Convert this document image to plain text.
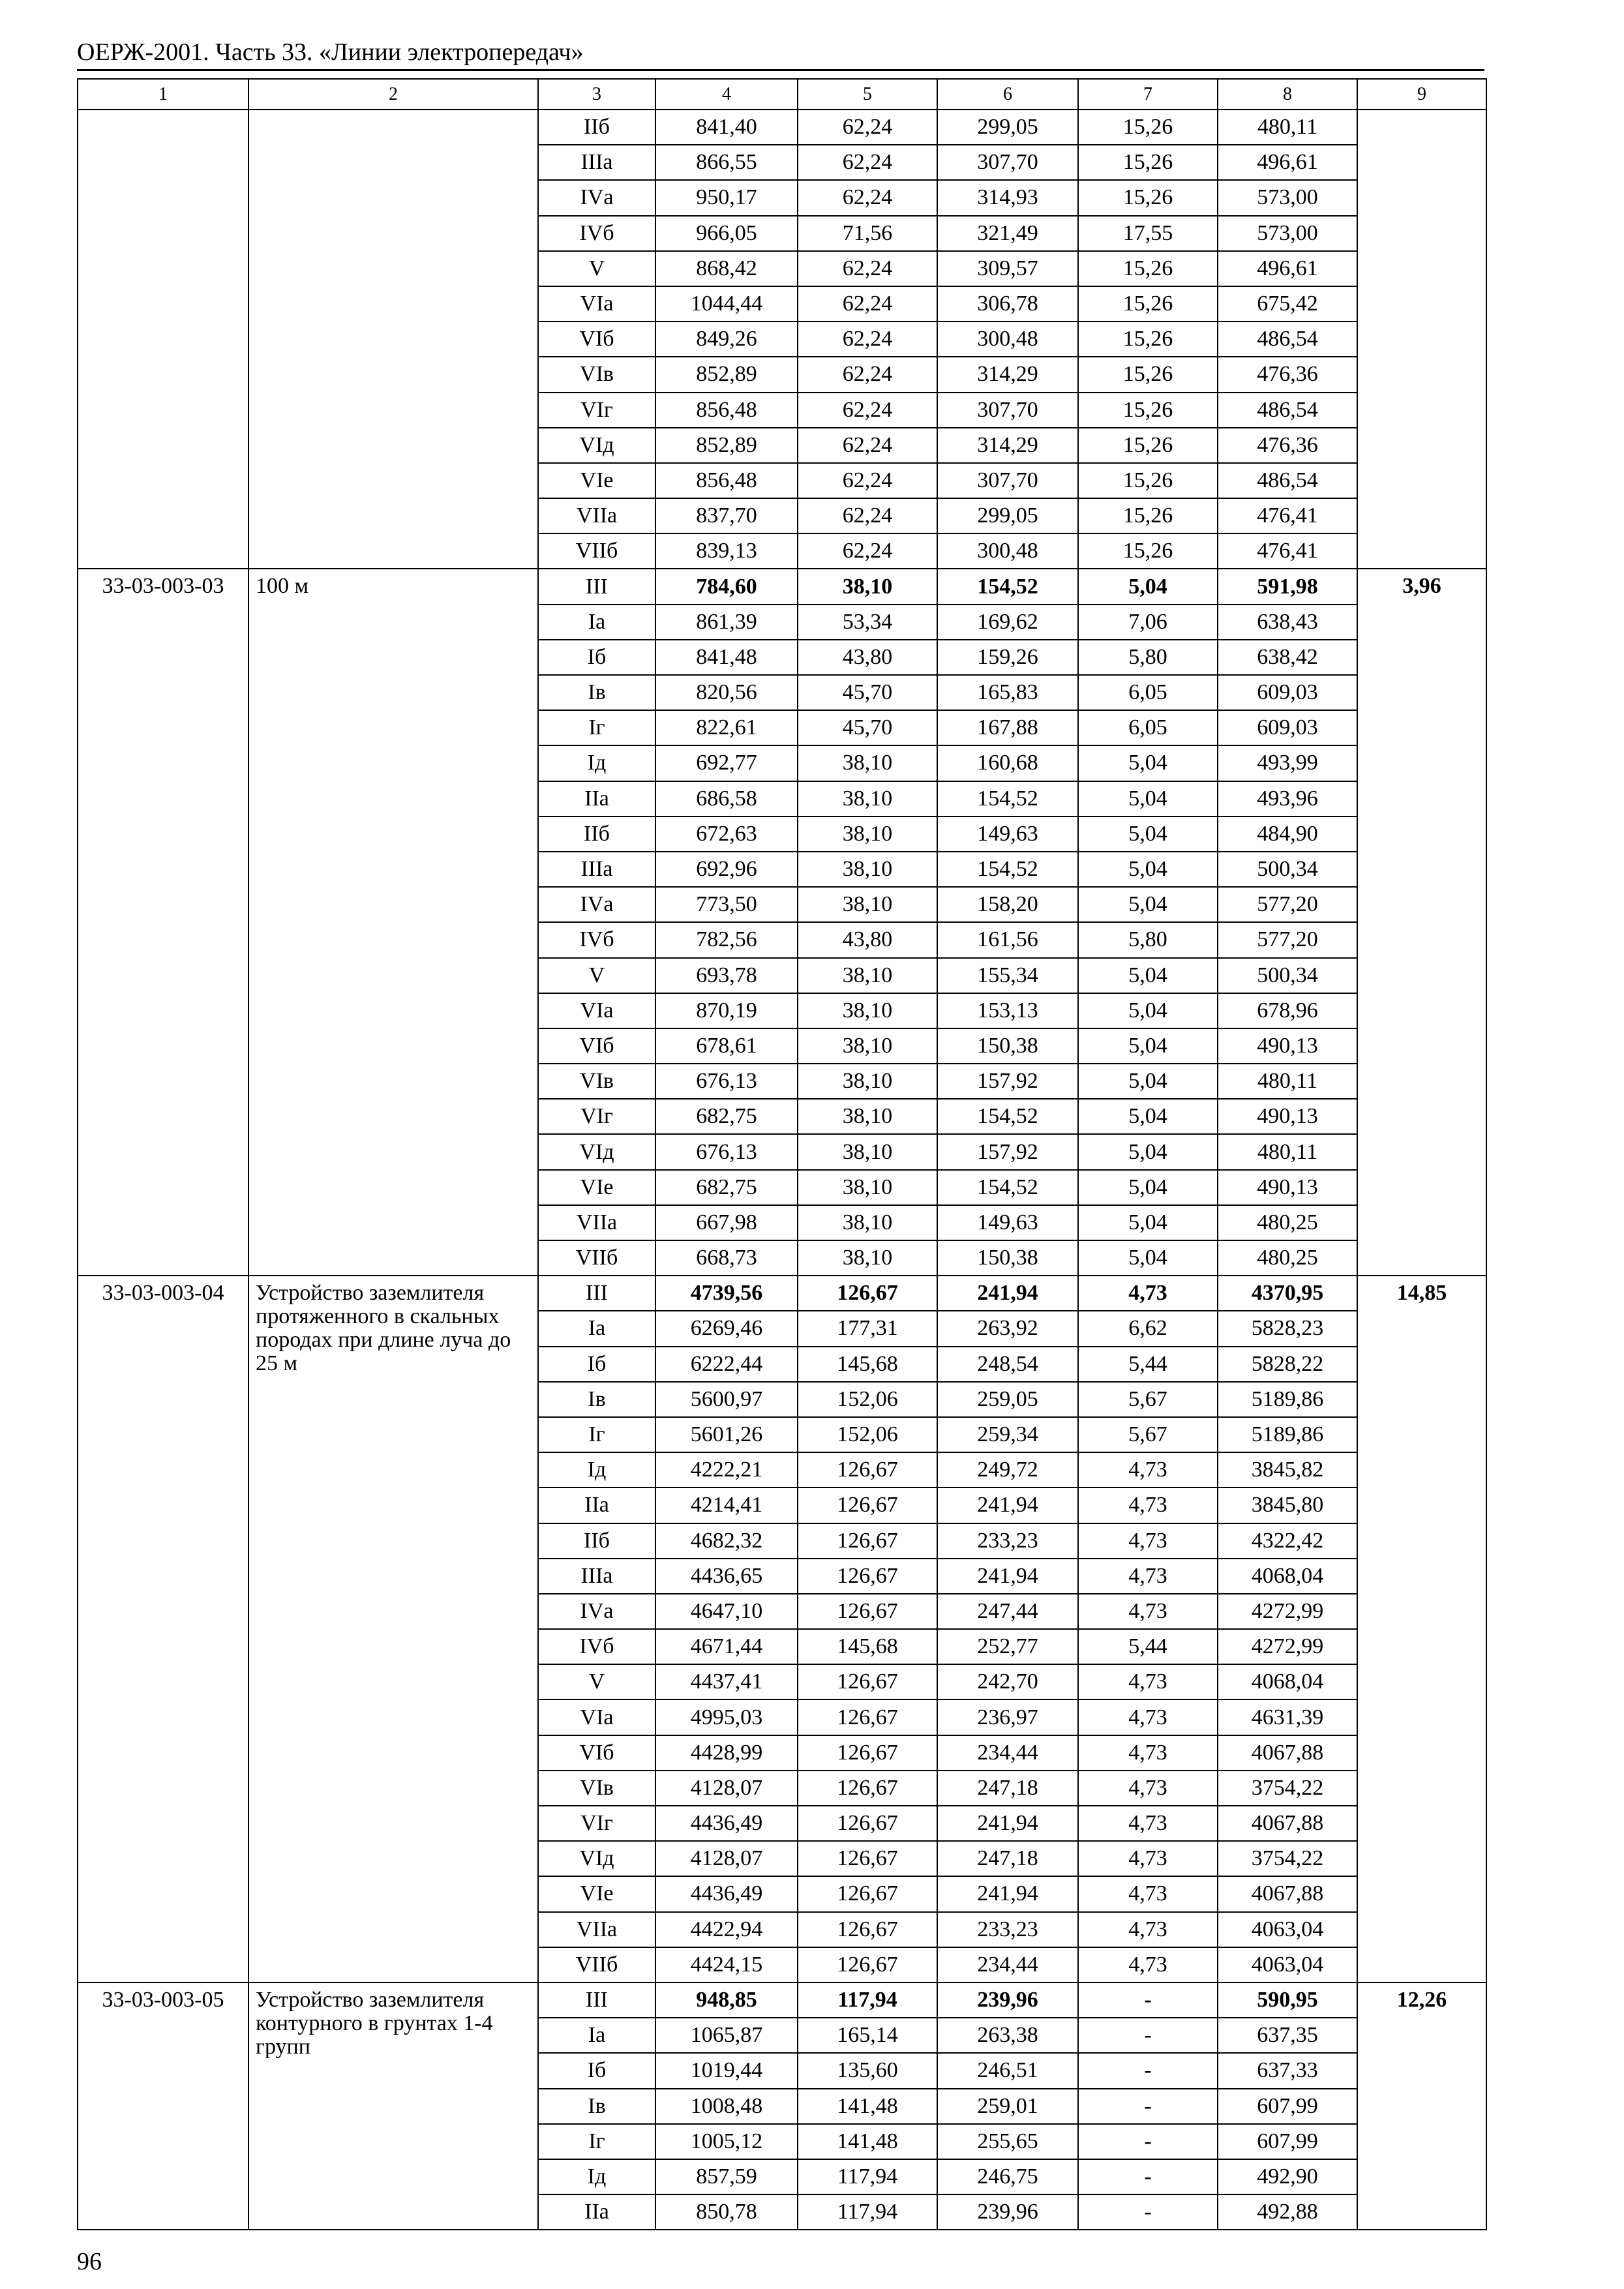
ОЕРЖ-2001. Часть 33. «Линии электропередач»
1	2	3	4	5	6	7	8	9
		IIб	841,40	62,24	299,05	15,26	480,11	
		IIIа	866,55	62,24	307,70	15,26	496,61	
		IVа	950,17	62,24	314,93	15,26	573,00	
		IVб	966,05	71,56	321,49	17,55	573,00	
		V	868,42	62,24	309,57	15,26	496,61	
		VIа	1044,44	62,24	306,78	15,26	675,42	
		VIб	849,26	62,24	300,48	15,26	486,54	
		VIв	852,89	62,24	314,29	15,26	476,36	
		VIг	856,48	62,24	307,70	15,26	486,54	
		VIд	852,89	62,24	314,29	15,26	476,36	
		VIе	856,48	62,24	307,70	15,26	486,54	
		VIIа	837,70	62,24	299,05	15,26	476,41	
		VIIб	839,13	62,24	300,48	15,26	476,41	
33-03-003-03	100 м	III	784,60	38,10	154,52	5,04	591,98	3,96
		Iа	861,39	53,34	169,62	7,06	638,43	
		Iб	841,48	43,80	159,26	5,80	638,42	
		Iв	820,56	45,70	165,83	6,05	609,03	
		Iг	822,61	45,70	167,88	6,05	609,03	
		Iд	692,77	38,10	160,68	5,04	493,99	
		IIа	686,58	38,10	154,52	5,04	493,96	
		IIб	672,63	38,10	149,63	5,04	484,90	
		IIIа	692,96	38,10	154,52	5,04	500,34	
		IVа	773,50	38,10	158,20	5,04	577,20	
		IVб	782,56	43,80	161,56	5,80	577,20	
		V	693,78	38,10	155,34	5,04	500,34	
		VIа	870,19	38,10	153,13	5,04	678,96	
		VIб	678,61	38,10	150,38	5,04	490,13	
		VIв	676,13	38,10	157,92	5,04	480,11	
		VIг	682,75	38,10	154,52	5,04	490,13	
		VIд	676,13	38,10	157,92	5,04	480,11	
		VIе	682,75	38,10	154,52	5,04	490,13	
		VIIа	667,98	38,10	149,63	5,04	480,25	
		VIIб	668,73	38,10	150,38	5,04	480,25	
33-03-003-04	Устройство заземлителя протяженного в скальных породах при длине луча до 25 м	III	4739,56	126,67	241,94	4,73	4370,95	14,85
		Iа	6269,46	177,31	263,92	6,62	5828,23	
		Iб	6222,44	145,68	248,54	5,44	5828,22	
		Iв	5600,97	152,06	259,05	5,67	5189,86	
		Iг	5601,26	152,06	259,34	5,67	5189,86	
		Iд	4222,21	126,67	249,72	4,73	3845,82	
		IIа	4214,41	126,67	241,94	4,73	3845,80	
		IIб	4682,32	126,67	233,23	4,73	4322,42	
		IIIа	4436,65	126,67	241,94	4,73	4068,04	
		IVа	4647,10	126,67	247,44	4,73	4272,99	
		IVб	4671,44	145,68	252,77	5,44	4272,99	
		V	4437,41	126,67	242,70	4,73	4068,04	
		VIа	4995,03	126,67	236,97	4,73	4631,39	
		VIб	4428,99	126,67	234,44	4,73	4067,88	
		VIв	4128,07	126,67	247,18	4,73	3754,22	
		VIг	4436,49	126,67	241,94	4,73	4067,88	
		VIд	4128,07	126,67	247,18	4,73	3754,22	
		VIе	4436,49	126,67	241,94	4,73	4067,88	
		VIIа	4422,94	126,67	233,23	4,73	4063,04	
		VIIб	4424,15	126,67	234,44	4,73	4063,04	
33-03-003-05	Устройство заземлителя контурного в грунтах 1-4 групп	III	948,85	117,94	239,96	-	590,95	12,26
		Iа	1065,87	165,14	263,38	-	637,35	
		Iб	1019,44	135,60	246,51	-	637,33	
		Iв	1008,48	141,48	259,01	-	607,99	
		Iг	1005,12	141,48	255,65	-	607,99	
		Iд	857,59	117,94	246,75	-	492,90	
		IIа	850,78	117,94	239,96	-	492,88	
96
